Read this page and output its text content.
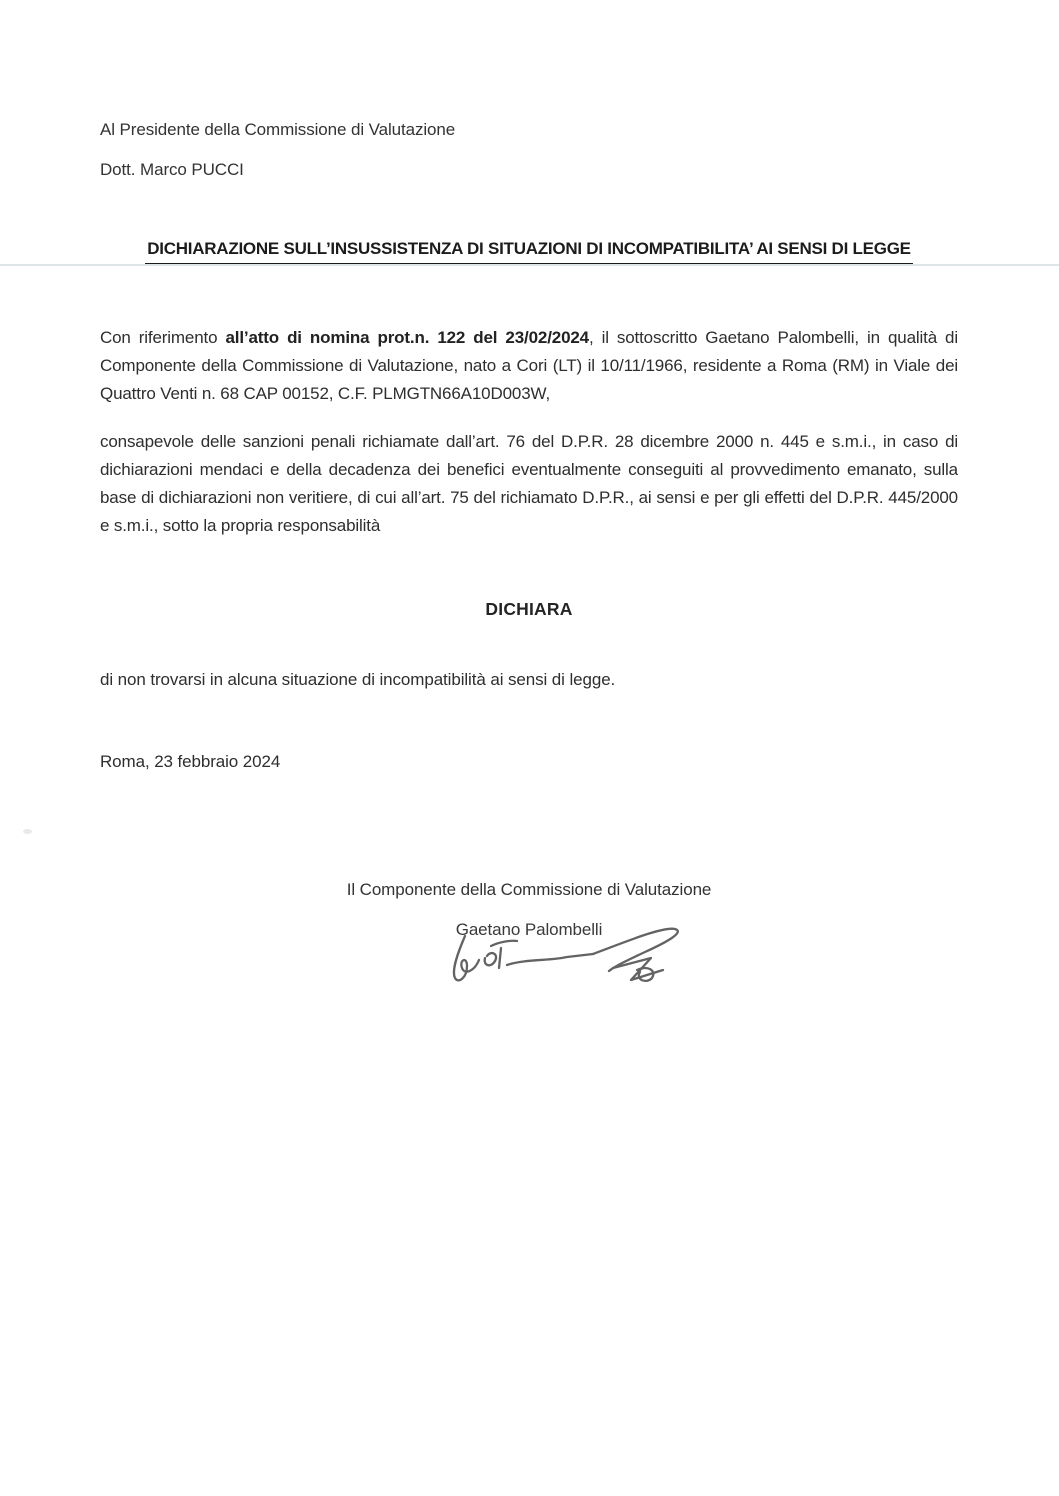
Al Presidente della Commissione di Valutazione
Dott. Marco PUCCI
DICHIARAZIONE SULL’INSUSSISTENZA DI SITUAZIONI DI INCOMPATIBILITA’ AI SENSI DI LEGGE

Con riferimento all’atto di nomina prot.n. 122 del 23/02/2024, il sottoscritto Gaetano Palombelli, in qualità di Componente della Commissione di Valutazione, nato a Cori (LT) il 10/11/1966, residente a Roma (RM) in Viale dei Quattro Venti n. 68 CAP 00152, C.F. PLMGTN66A10D003W,

consapevole delle sanzioni penali richiamate dall’art. 76 del D.P.R. 28 dicembre 2000 n. 445 e s.m.i., in caso di dichiarazioni mendaci e della decadenza dei benefici eventualmente conseguiti al provvedimento emanato, sulla base di dichiarazioni non veritiere, di cui all’art. 75 del richiamato D.P.R., ai sensi e per gli effetti del D.P.R. 445/2000 e s.m.i., sotto la propria responsabilità

DICHIARA
di non trovarsi in alcuna situazione di incompatibilità ai sensi di legge.
Roma, 23 febbraio 2024
Il Componente della Commissione di Valutazione
Gaetano Palombelli
